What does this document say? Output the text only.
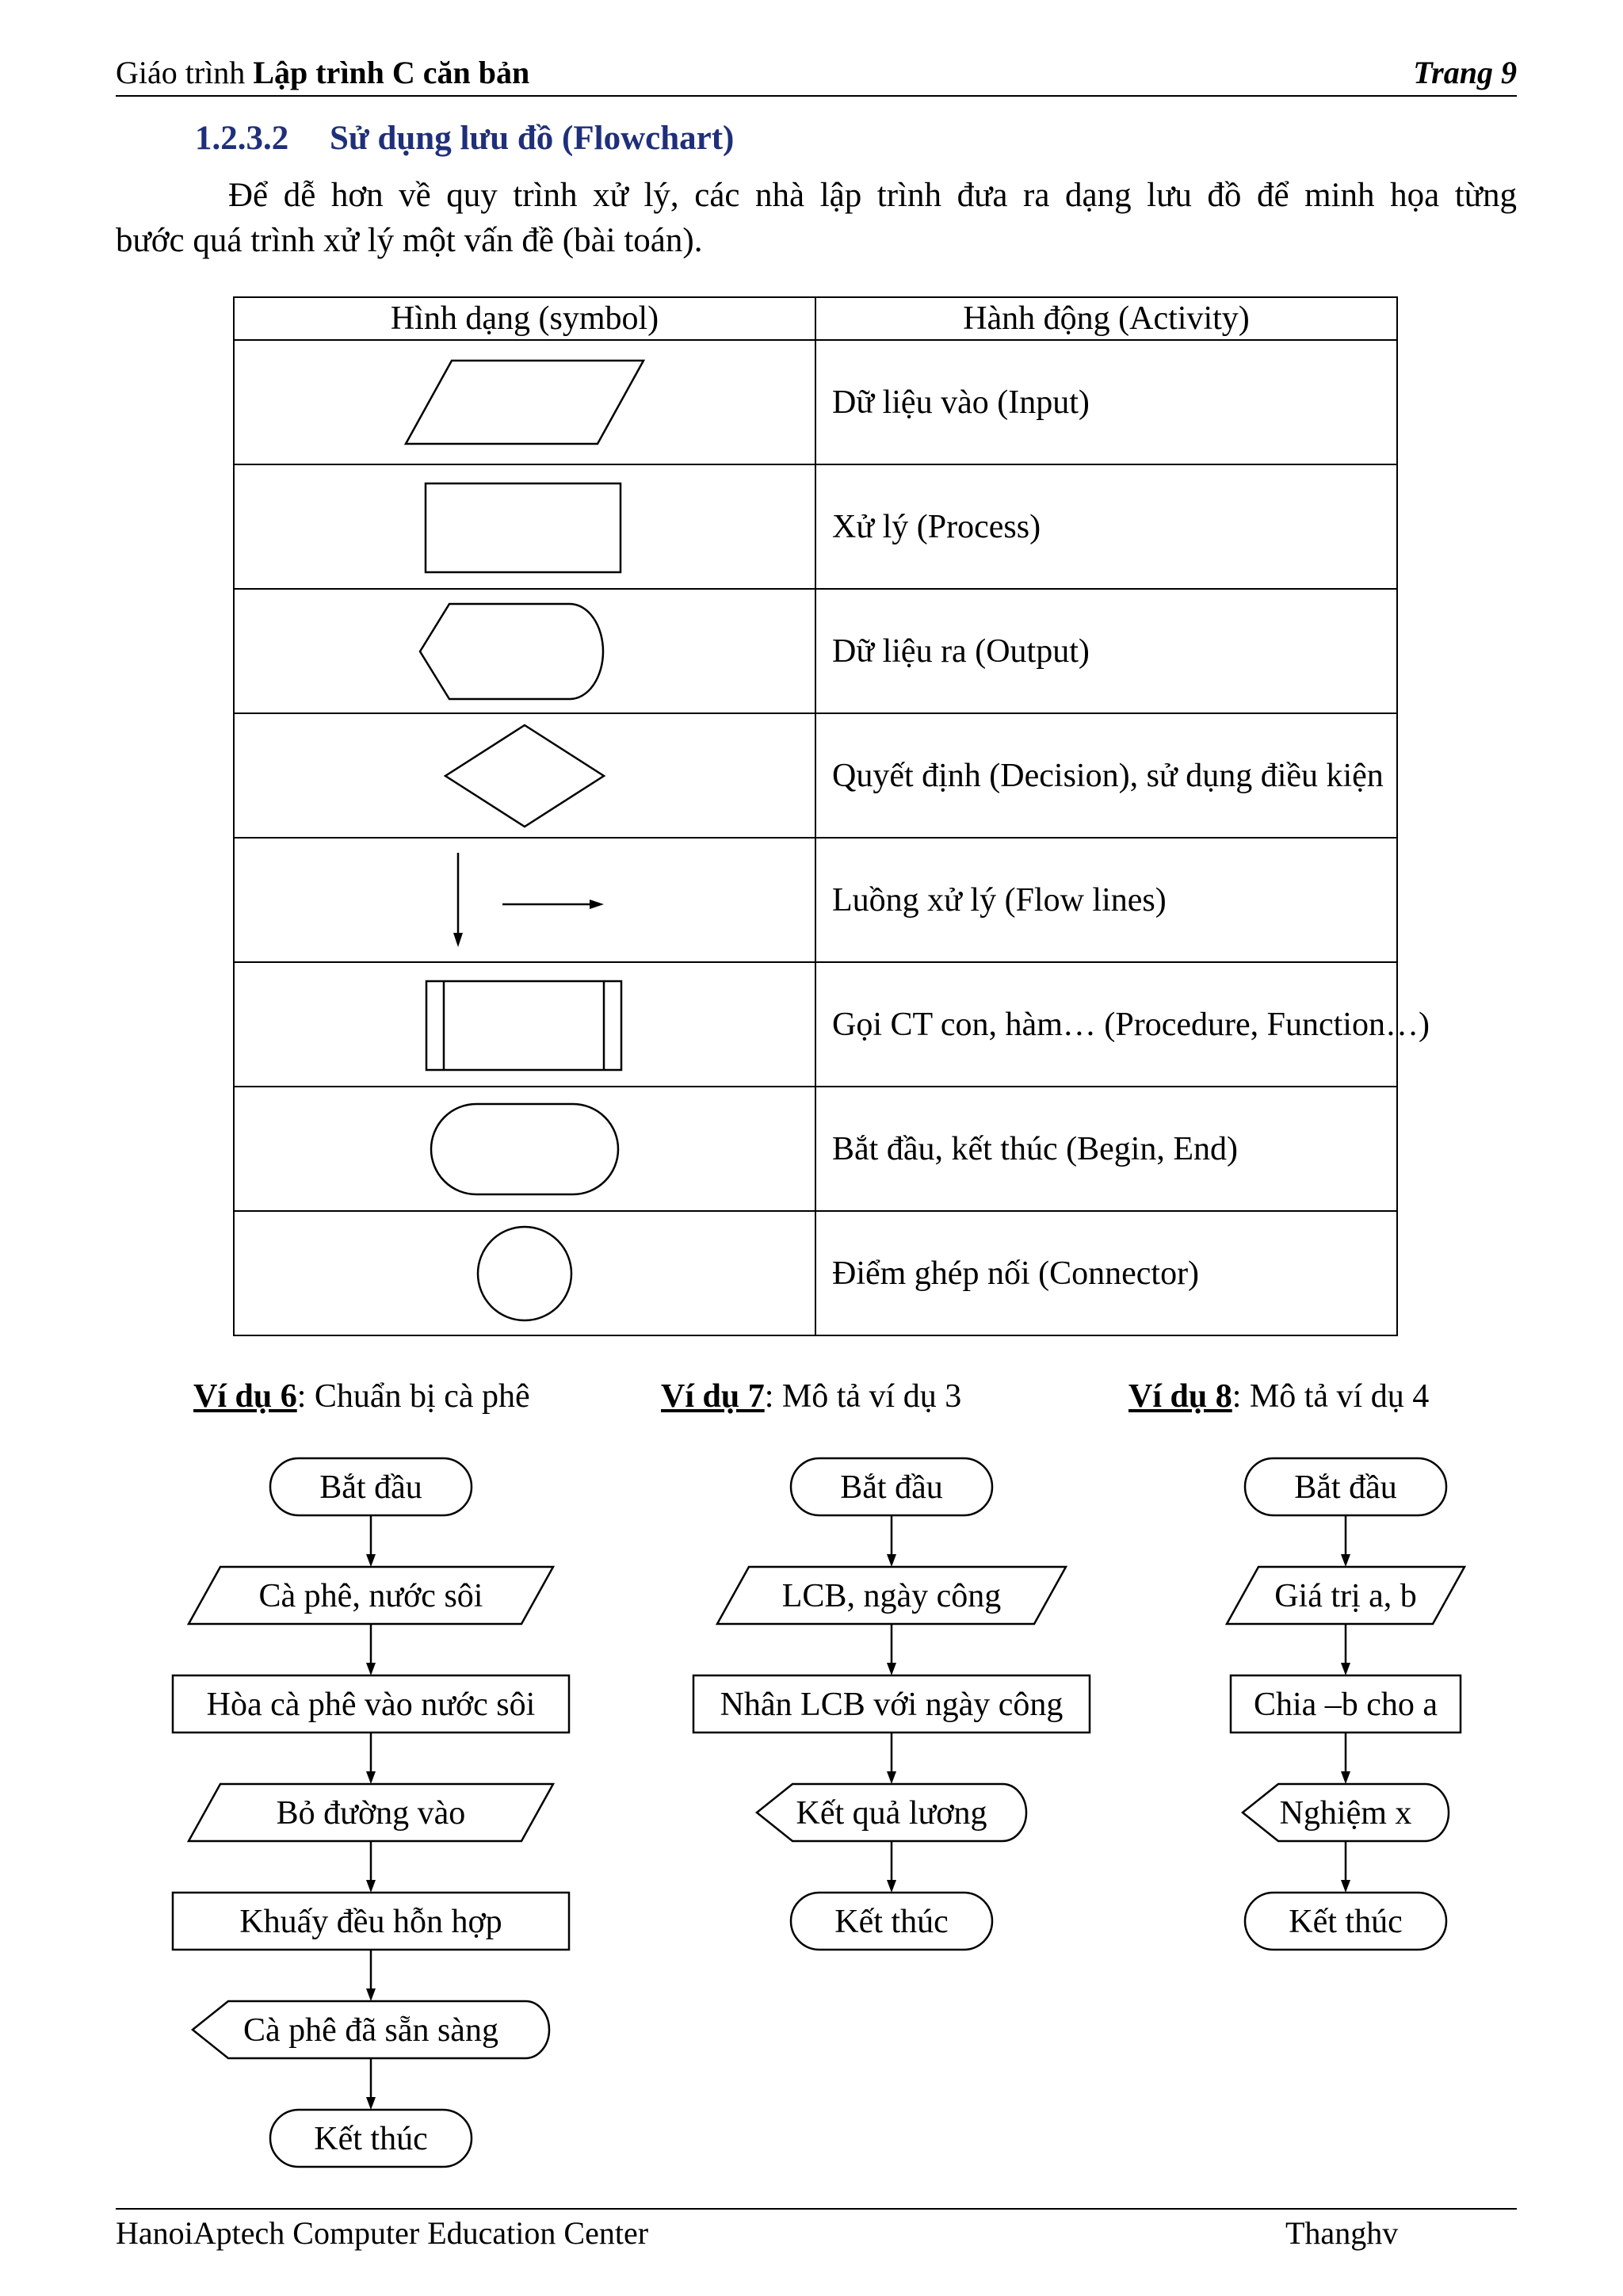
Giáo trình Lập trình C căn bản	Trang 9
1.2.3.2 Sử dụng lưu đồ (Flowchart)

Để dễ hơn về quy trình xử lý, các nhà lập trình đưa ra dạng lưu đồ để minh họa từng

bước quá trình xử lý một vấn đề (bài toán).
Hình dạng (symbol)	Hành động (Activity)

	Dữ liệu vào (Input)

	Xử lý (Process)

	Dữ liệu ra (Output)

	Quyết định (Decision), sử dụng điều kiện

	Luồng xử lý (Flow lines)

	Gọi CT con, hàm… (Procedure, Function…)

	Bắt đầu, kết thúc (Begin, End)

	Điểm ghép nối (Connector)
Ví dụ 6: Chuẩn bị cà phê	Ví dụ 7: Mô tả ví dụ 3	Ví dụ 8: Mô tả ví dụ 4
Bắt đầu
Cà phê, nước sôi
Hòa cà phê vào nước sôi
Bỏ đường vào
Khuấy đều hỗn hợp
Cà phê đã sẵn sàng
Kết thúc
Bắt đầu
LCB, ngày công
Nhân LCB với ngày công
Kết quả lương
Kết thúc
Bắt đầu
Giá trị a, b
Chia –b cho a
Nghiệm x
Kết thúc
HanoiAptech Computer Education Center	Thanghv
